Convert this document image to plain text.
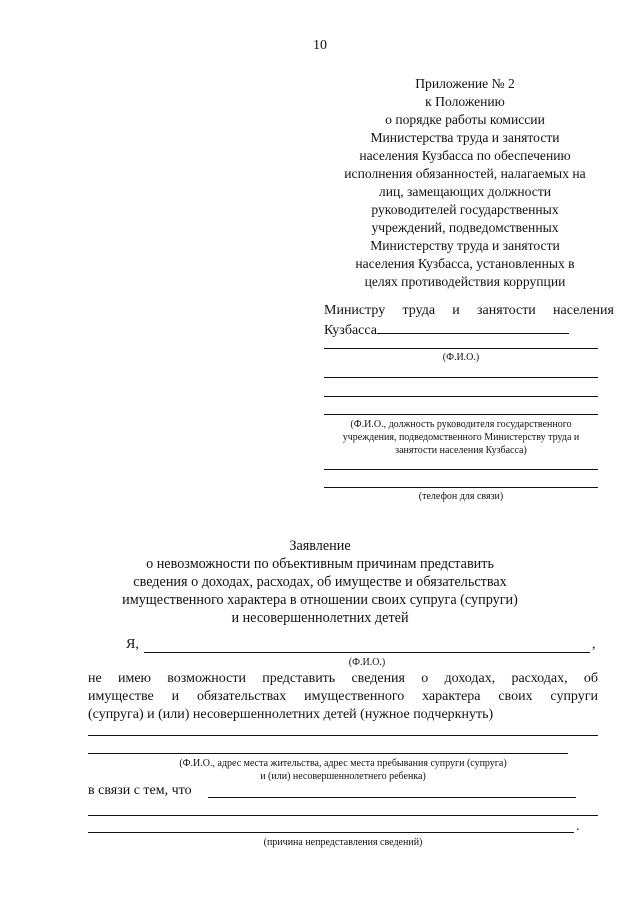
10
Приложение № 2
к Положению
о порядке работы комиссии
Министерства труда и занятости
населения Кузбасса по обеспечению
исполнения обязанностей, налагаемых на
лиц, замещающих должности
руководителей государственных
учреждений, подведомственных
Министерству труда и занятости
населения Кузбасса, установленных в
целях противодействия коррупции
Министру труда и занятости населения
Кузбасса
(Ф.И.О.)
(Ф.И.О., должность руководителя государственного
учреждения, подведомственного Министерству труда и
занятости населения Кузбасса)
(телефон для связи)
Заявление
о невозможности по объективным причинам представить
сведения о доходах, расходах, об имуществе и обязательствах
имущественного характера в отношении своих супруга (супруги)
и несовершеннолетних детей
Я,	,
(Ф.И.О.)
не имею возможности представить сведения о доходах, расходах, об
имуществе и обязательствах имущественного характера своих супруги
(супруга) и (или) несовершеннолетних детей (нужное подчеркнуть)
(Ф.И.О., адрес места жительства, адрес места пребывания супруги (супруга)
и (или) несовершеннолетнего ребенка)
в связи с тем, что
.
(причина непредставления сведений)
